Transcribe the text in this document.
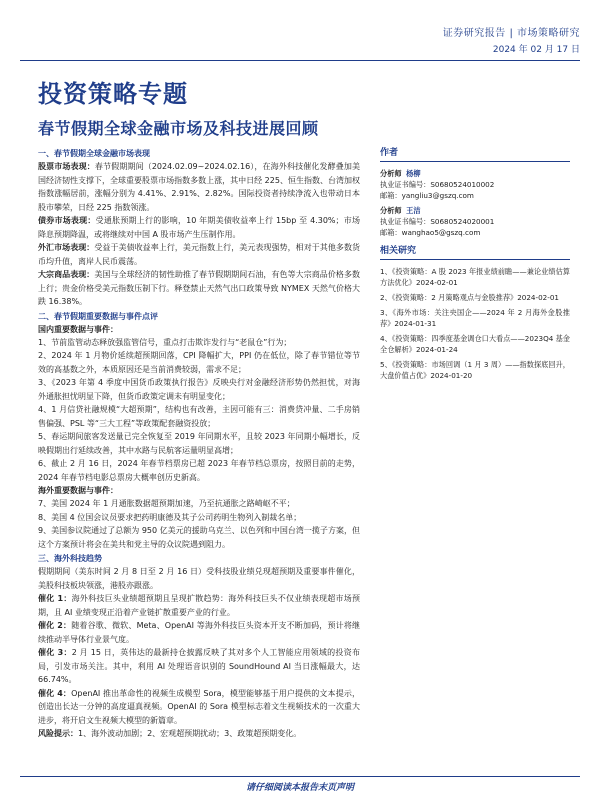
证券研究报告 | 市场策略研究
2024 年 02 月 17 日
投资策略专题
春节假期全球金融市场及科技进展回顾
一、春节假期全球金融市场表现

股票市场表现：春节假期期间（2024.02.09~2024.02.16），在海外科技催化发酵叠加美国经济韧性支撑下，全球重要股票市场指数多数上涨，其中日经 225、恒生指数、台湾加权指数涨幅居前，涨幅分别为 4.41%、2.91%、2.82%。国际投资者持续净流入也带动日本股市攀荣，日经 225 指数领涨。

债券市场表现：受通胀预期上行的影响，10 年期美债收益率上行 15bp 至 4.30%；市场降息预期降温，或将继续对中国 A 股市场产生压制作用。

外汇市场表现：受益于美债收益率上行，美元指数上行，美元表现强势，相对于其他多数货币均升值，离岸人民币震荡。

大宗商品表现：美国与全球经济的韧性助推了春节假期期间石油，有色等大宗商品价格多数上行；贵金价格受美元指数压制下行。释登禁止天然气出口政策导致 NYMEX 天然气价格大跌 16.38%。

二、春节假期重要数据与事件点评
国内重要数据与事件：

1、节前监管动态释放强监管信号，重点打击欺诈发行与“老鼠仓”行为；

2、2024 年 1 月物价延续超预期回落，CPI 降幅扩大，PPI 仍在低位，除了春节错位等节效的高基数之外，本质原因还是当前消费较弱，需求不足；

3、《2023 年第 4 季度中国货币政策执行报告》反映央行对金融经济形势仍然担忧，对海外通胀担忧明显下降，但货币政策定调未有明显变化；

4、1 月信贷社融规模“大超预期”，结构也有改善，主因可能有三：消费贷冲量、二手房销售偏强、PSL 等“三大工程”等政策配套融资投放；

5、春运期间旅客发送量已完全恢复至 2019 年同期水平，且较 2023 年同期小幅增长，反映假期出行延续改善，其中水路与民航客运量明显高增；

6、截止 2 月 16 日，2024 年春节档票房已超 2023 年春节档总票房，按照目前的走势，2024 年春节档电影总票房大概率创历史新高。

海外重要数据与事件：

7、美国 2024 年 1 月通胀数据超预期加速，乃至抗通胀之路崎岖不平；

8、美国 4 位国会议员要求把药明康德及其子公司药明生物列入制裁名单；

9、美国参议院通过了总额为 950 亿美元的援助乌克兰、以色列和中国台湾一揽子方案，但这个方案预计将会在美共和党主导的众议院遇到阻力。

三、海外科技趋势

假期期间（美东时间 2 月 8 日至 2 月 16 日）受科技股业绩兑现超预期及重要事件催化，美股科技板块领涨，港股亦跟涨。

催化 1：海外科技巨头业绩超预期且呈现扩散趋势：海外科技巨头不仅业绩表现超市场预期，且 AI 业绩变现正沿着产业链扩散重要产业的行业。

催化 2：随着谷歌、微软、Meta、OpenAI 等海外科技巨头资本开支不断加码，预计将继续推动半导体行业景气度。

催化 3：2 月 15 日，英伟达的最新持仓披露反映了其对多个人工智能应用领域的投资布局，引发市场关注。其中，利用 AI 处理语音识别的 SoundHound AI 当日涨幅最大，达 66.74%。

催化 4：OpenAI 推出革命性的视频生成模型 Sora，模型能够基于用户提供的文本提示，创造出长达一分钟的高度逼真视频。OpenAI 的 Sora 模型标志着文生视频技术的一次重大进步，将开启文生视频大模型的新篇章。

风险提示：1、海外波动加剧；2、宏观超预期扰动；3、政策超预期变化。

作者
分析师 杨柳
执业证书编号：S0680524010002
邮箱：yangliu3@gszq.com
分析师 王洁
执业证书编号：S0680524020001
邮箱：wanghao5@gszq.com
相关研究
1、《投资策略：A 股 2023 年报业绩前瞻——兼论业绩估算方法优化》2024-02-01
2、《投资策略：2 月策略观点与金股推荐》2024-02-01
3、《海外市场：关注央国企——2024 年 2 月海外金股推荐》2024-01-31
4、《投资策略：四季度基金调仓口大看点——2023Q4 基金全仓解析》2024-01-24
5、《投资策略：市场回调（1 月 3 周）——指数探底回升，大盘价值占优》2024-01-20
请仔细阅读本报告末页声明
